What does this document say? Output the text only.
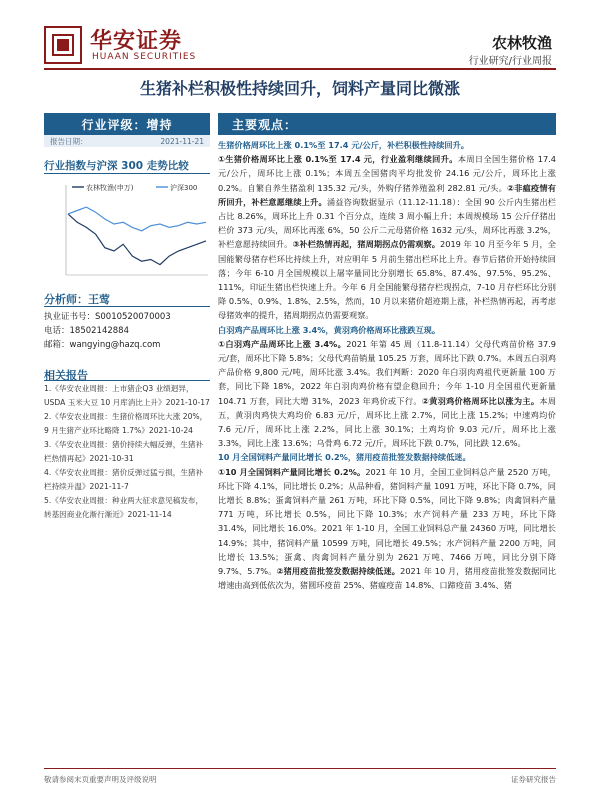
华安证券
HUAAN SECURITIES
农林牧渔
行业研究/行业周报
生猪补栏积极性持续回升，饲料产量同比微涨
行业评级：增持
报告日期：	2021-11-21
行业指数与沪深 300 走势比较
农林牧渔(申万)	沪深300
分析师：王莺
执业证书号：S0010520070003
电话：18502142884
邮箱：wangying@hazq.com
相关报告
1.《华安农业周报：上市猪企Q3 业绩迥异，USDA 玉米大豆 10 月库消比上升》2021-10-17
2.《华安农业周报：生猪价格周环比大涨 20%，9 月生猪产业环比略降 1.7%》2021-10-24
3.《华安农业周报：猪价持续大幅反弹，生猪补栏热情再起》2021-10-31
4.《华安农业周报：猪价反弹过猛亏损，生猪补栏持续升温》2021-11-7
5.《华安农业周报：种业两大征求意见稿发布，转基因商业化渐行渐近》2021-11-14
主要观点：
生猪价格周环比上涨 0.1%至 17.4 元/公斤，补栏积极性持续回升。
①生猪价格周环比上涨 0.1%至 17.4 元，行业盈利继续回升。本周日全国生猪价格 17.4 元/公斤，周环比上涨 0.1%；本周五全国猪肉平均批发价 24.16 元/公斤，周环比上涨 0.2%。自繁自养生猪盈利 135.32 元/头，外购仔猪养殖盈利 282.81 元/头。②非瘟疫情有所回升，补栏意愿继续上升。涌益咨询数据显示（11.12-11.18）：全国 90 公斤内生猪出栏占比 8.26%，周环比上升 0.31 个百分点，连续 3 周小幅上升；本周规模场 15 公斤仔猪出栏价 373 元/头，周环比再涨 6%，50 公斤二元母猪价格 1632 元/头，周环比再涨 3.2%，补栏意愿持续回升。③补栏热情再起，猪周期拐点仍需观察。2019 年 10 月至今年 5 月，全国能繁母猪存栏环比持续上升，对应明年 5 月前生猪出栏环比上升。春节后猪价开始持续回落；今年 6-10 月全国规模以上屠宰量同比分别增长 65.8%、87.4%、97.5%、95.2%、111%，印证生猪出栏快速上升。今年 6 月全国能繁母猪存栏现拐点，7-10 月存栏环比分别降 0.5%、0.9%、1.8%、2.5%，然而，10 月以来猪价超迹期上涨，补栏热情再起，再考虑母猪效率的提升，猪周期拐点仍需要观察。
白羽鸡产品周环比上涨 3.4%，黄羽鸡价格周环比涨跌互现。
①白羽鸡产品周环比上涨 3.4%。2021 年第 45 周（11.8-11.14）父母代鸡苗价格 37.9 元/套，周环比下降 5.8%；父母代鸡苗销量 105.25 万套，周环比下跌 0.7%。本周五白羽鸡产品价格 9,800 元/吨，周环比涨 3.4%。我们判断：2020 年白羽肉鸡祖代更新量 100 万套，同比下降 18%，2022 年白羽肉鸡价格有望企稳回升；今年 1-10 月全国祖代更新量 104.71 万套，同比大增 31%，2023 年鸡价或下行。②黄羽鸡价格周环比以涨为主。本周五，黄羽肉鸡快大鸡均价 6.83 元/斤，周环比上涨 2.7%，同比上涨 15.2%；中速鸡均价 7.6 元/斤，周环比上涨 2.2%，同比上涨 30.1%；土鸡均价 9.03 元/斤，周环比上涨 3.3%，同比上涨 13.6%；乌骨鸡 6.72 元/斤，周环比下跌 0.7%，同比跌 12.6%。
10 月全国饲料产量同比增长 0.2%，猪用疫苗批签发数据持续低迷。
①10 月全国饲料产量同比增长 0.2%。2021 年 10 月，全国工业饲料总产量 2520 万吨，环比下降 4.1%，同比增长 0.2%；从品种看，猪饲料产量 1091 万吨，环比下降 0.7%，同比增长 8.8%；蛋禽饲料产量 261 万吨，环比下降 0.5%，同比下降 9.8%；肉禽饲料产量 771 万吨，环比增长 0.5%，同比下降 10.3%；水产饲料产量 233 万吨，环比下降 31.4%，同比增长 16.0%。2021 年 1-10 月，全国工业饲料总产量 24360 万吨，同比增长 14.9%；其中，猪饲料产量 10599 万吨，同比增长 49.5%；水产饲料产量 2200 万吨，同比增长 13.5%；蛋禽、肉禽饲料产量分别为 2621 万吨、7466 万吨，同比分别下降 9.7%、5.7%。②猪用疫苗批签发数据持续低迷。2021 年 10 月，猪用疫苗批签发数据同比增速由高到低依次为，猪圆环疫苗 25%、猪瘟疫苗 14.8%、口蹄疫苗 3.4%、猪
敬请参阅末页重要声明及评级说明	证券研究报告
